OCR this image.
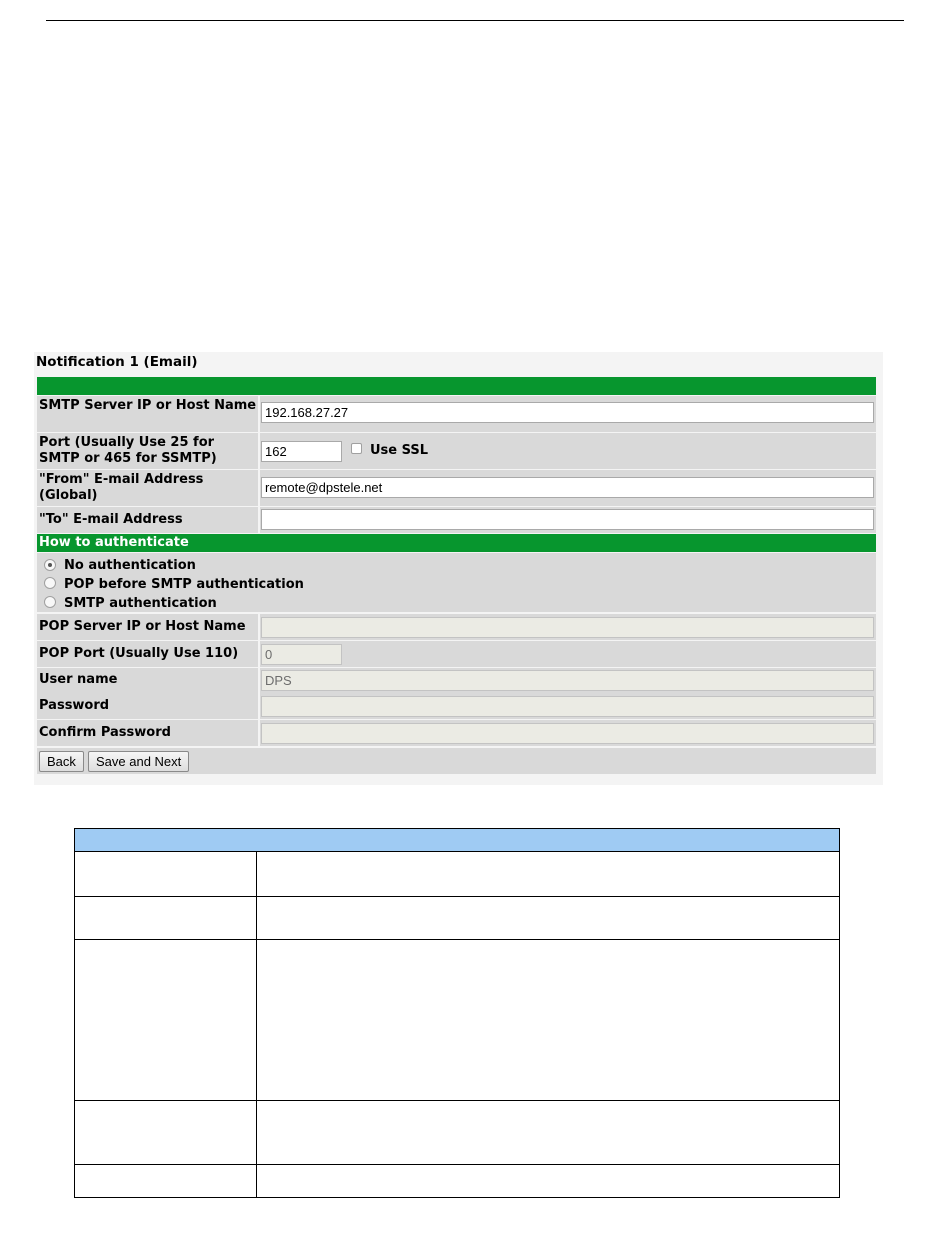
Notification 1 (Email)
SMTP Server IP or Host Name
192.168.27.27
Port (Usually Use 25 for SMTP or 465 for SSMTP)
162
Use SSL
"From" E-mail Address (Global)
remote@dpstele.net
"To" E-mail Address
How to authenticate
No authentication
POP before SMTP authentication
SMTP authentication
POP Server IP or Host Name
POP Port (Usually Use 110)
0
User name
DPS
Password
Confirm Password
Back	Save and Next
